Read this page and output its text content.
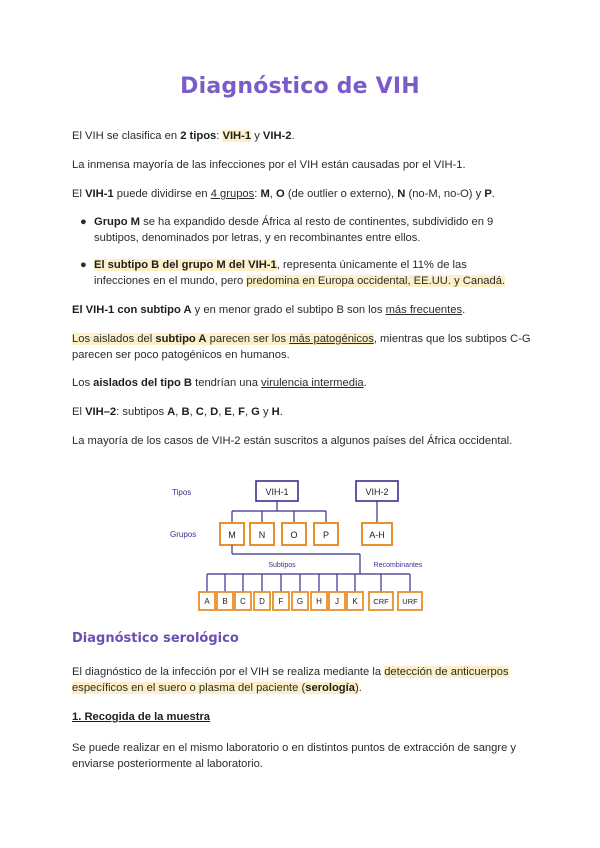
Diagnóstico de VIH
El VIH se clasifica en 2 tipos: VIH-1 y VIH-2.
La inmensa mayoría de las infecciones por el VIH están causadas por el VIH-1.
El VIH-1 puede dividirse en 4 grupos: M, O (de outlier o externo), N (no-M, no-O) y P.
● Grupo M se ha expandido desde África al resto de continentes, subdividido en 9 subtipos, denominados por letras, y en recombinantes entre ellos.
● El subtipo B del grupo M del VIH-1, representa únicamente el 11% de las infecciones en el mundo, pero predomina en Europa occidental, EE.UU. y Canadá.
El VIH-1 con subtipo A y en menor grado el subtipo B son los más frecuentes.
Los aislados del subtipo A parecen ser los más patogénicos, mientras que los subtipos C-G parecen ser poco patogénicos en humanos.
Los aislados del tipo B tendrían una virulencia intermedia.
El VIH–2: subtipos A, B, C, D, E, F, G y H.
La mayoría de los casos de VIH-2 están suscritos a algunos países del África occidental.
Tipos
Grupos
VIH-1	VIH-2
M	N	O	P	A-H
Subtipos	Recombinantes
A B C D F G H J K CRF URF
Diagnóstico serológico
El diagnóstico de la infección por el VIH se realiza mediante la detección de anticuerpos específicos en el suero o plasma del paciente (serología).
1. Recogida de la muestra
Se puede realizar en el mismo laboratorio o en distintos puntos de extracción de sangre y enviarse posteriormente al laboratorio.
